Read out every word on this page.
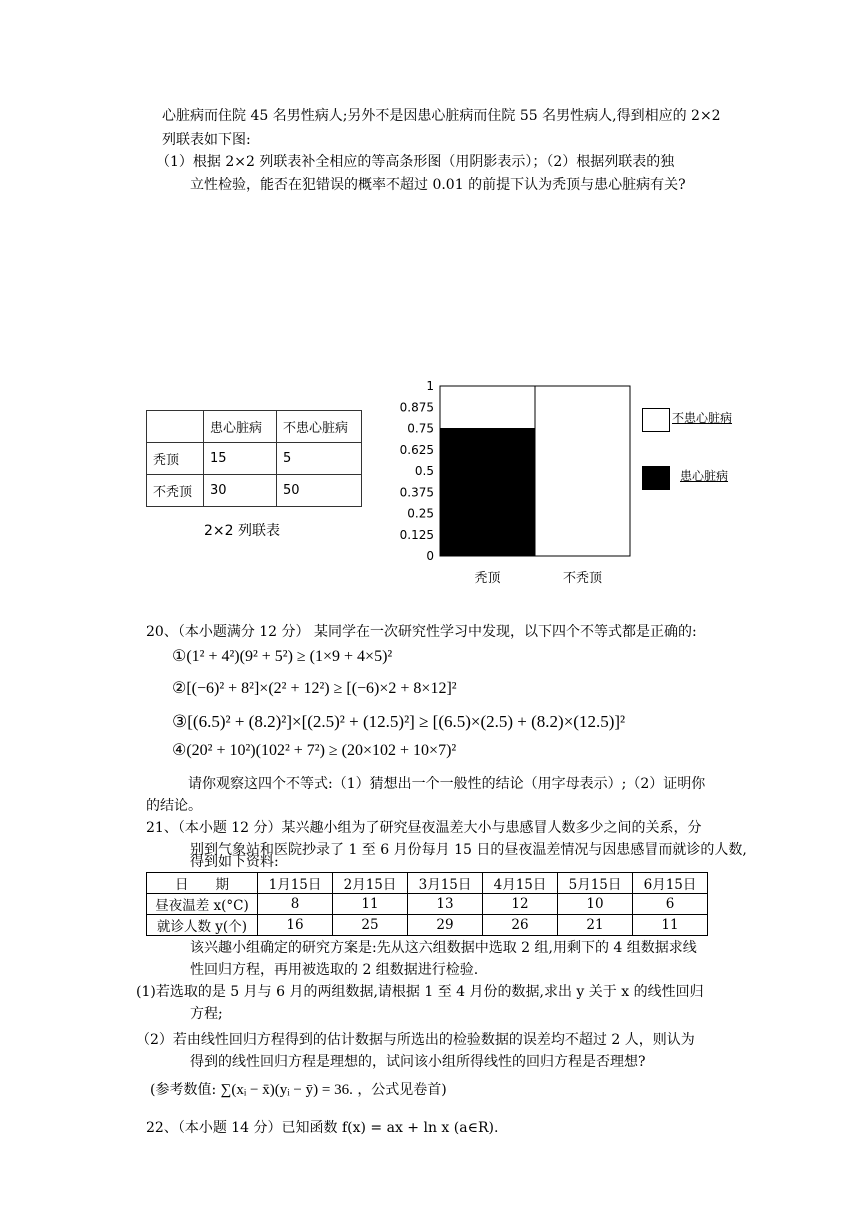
心脏病而住院 45 名男性病人;另外不是因患心脏病而住院 55 名男性病人,得到相应的 2×2
列联表如下图:
（1）根据 2×2 列联表补全相应的等高条形图（用阴影表示）；（2）根据列联表的独
立性检验，能否在犯错误的概率不超过 0.01 的前提下认为秃顶与患心脏病有关?
	患心脏病	不患心脏病
秃顶	15	5
不秃顶	30	50
2×2 列联表
0
0.125
0.25
0.375
0.5
0.625
0.75
0.875
1
秃顶	不秃顶
不患心脏病
患心脏病
20、（本小题满分 12 分） 某同学在一次研究性学习中发现，以下四个不等式都是正确的:
①(1² + 4²)(9² + 5²) ≥ (1×9 + 4×5)²
②[(−6)² + 8²]×(2² + 12²) ≥ [(−6)×2 + 8×12]²
③[(6.5)² + (8.2)²]×[(2.5)² + (12.5)²] ≥ [(6.5)×(2.5) + (8.2)×(12.5)]²
④(20² + 10²)(102² + 7²) ≥ (20×102 + 10×7)²
请你观察这四个不等式:（1）猜想出一个一般性的结论（用字母表示）;（2）证明你
的结论。
21、（本小题 12 分）某兴趣小组为了研究昼夜温差大小与患感冒人数多少之间的关系，分
别到气象站和医院抄录了 1 至 6 月份每月 15 日的昼夜温差情况与因患感冒而就诊的人数,
得到如下资料:
日　　期	1月15日	2月15日	3月15日	4月15日	5月15日	6月15日
昼夜温差 x(°C)	8	11	13	12	10	6
就诊人数 y(个)	16	25	29	26	21	11
该兴趣小组确定的研究方案是:先从这六组数据中选取 2 组,用剩下的 4 组数据求线
性回归方程，再用被选取的 2 组数据进行检验.
(1)若选取的是 5 月与 6 月的两组数据,请根据 1 至 4 月份的数据,求出 y 关于 x 的线性回归
方程;
（2）若由线性回归方程得到的估计数据与所选出的检验数据的误差均不超过 2 人，则认为
得到的线性回归方程是理想的，试问该小组所得线性的回归方程是否理想?
(参考数值: ∑(xᵢ − x̄)(yᵢ − ȳ) = 36. ，公式见卷首)
22、（本小题 14 分）已知函数 f(x) = ax + ln x (a∈R).
